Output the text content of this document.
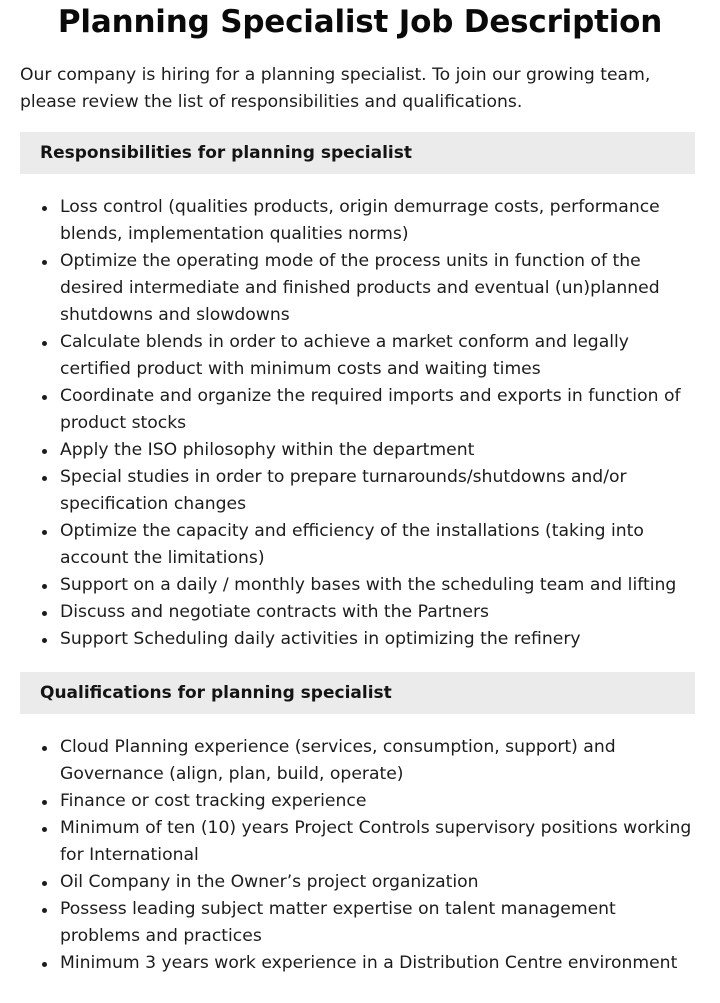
Planning Specialist Job Description

Our company is hiring for a planning specialist. To join our growing team, please review the list of responsibilities and qualifications.

Responsibilities for planning specialist
Loss control (qualities products, origin demurrage costs, performance blends, implementation qualities norms)
Optimize the operating mode of the process units in function of the desired intermediate and finished products and eventual (un)planned shutdowns and slowdowns
Calculate blends in order to achieve a market conform and legally certified product with minimum costs and waiting times
Coordinate and organize the required imports and exports in function of product stocks
Apply the ISO philosophy within the department
Special studies in order to prepare turnarounds/shutdowns and/or specification changes
Optimize the capacity and efficiency of the installations (taking into account the limitations)
Support on a daily / monthly bases with the scheduling team and lifting
Discuss and negotiate contracts with the Partners
Support Scheduling daily activities in optimizing the refinery
Qualifications for planning specialist
Cloud Planning experience (services, consumption, support) and Governance (align, plan, build, operate)
Finance or cost tracking experience
Minimum of ten (10) years Project Controls supervisory positions working for International
Oil Company in the Owner’s project organization
Possess leading subject matter expertise on talent management problems and practices
Minimum 3 years work experience in a Distribution Centre environment
